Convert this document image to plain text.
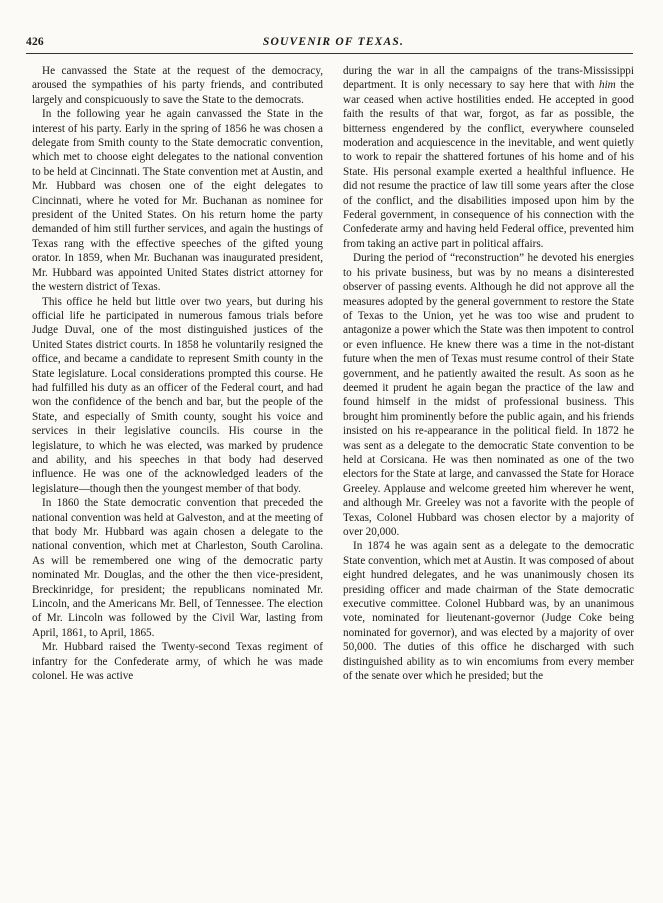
426	SOUVENIR OF TEXAS.

He canvassed the State at the request of the democracy, aroused the sympathies of his party friends, and contributed largely and conspicuously to save the State to the democrats.

In the following year he again canvassed the State in the interest of his party. Early in the spring of 1856 he was chosen a delegate from Smith county to the State democratic convention, which met to choose eight delegates to the national convention to be held at Cincinnati. The State convention met at Austin, and Mr. Hubbard was chosen one of the eight delegates to Cincinnati, where he voted for Mr. Buchanan as nominee for president of the United States. On his return home the party demanded of him still further services, and again the hustings of Texas rang with the effective speeches of the gifted young orator. In 1859, when Mr. Buchanan was inaugurated president, Mr. Hubbard was appointed United States district attorney for the western district of Texas.

This office he held but little over two years, but during his official life he participated in numerous famous trials before Judge Duval, one of the most distinguished justices of the United States district courts. In 1858 he voluntarily resigned the office, and became a candidate to represent Smith county in the State legislature. Local considerations prompted this course. He had fulfilled his duty as an officer of the Federal court, and had won the confidence of the bench and bar, but the people of the State, and especially of Smith county, sought his voice and services in their legislative councils. His course in the legislature, to which he was elected, was marked by prudence and ability, and his speeches in that body had deserved influence. He was one of the acknowledged leaders of the legislature—though then the youngest member of that body.

In 1860 the State democratic convention that preceded the national convention was held at Galveston, and at the meeting of that body Mr. Hubbard was again chosen a delegate to the national convention, which met at Charleston, South Carolina. As will be remembered one wing of the democratic party nominated Mr. Douglas, and the other the then vice-president, Breckinridge, for president; the republicans nominated Mr. Lincoln, and the Americans Mr. Bell, of Tennessee. The election of Mr. Lincoln was followed by the Civil War, lasting from April, 1861, to April, 1865.

Mr. Hubbard raised the Twenty-second Texas regiment of infantry for the Confederate army, of which he was made colonel. He was active

during the war in all the campaigns of the trans-Mississippi department. It is only necessary to say here that with him the war ceased when active hostilities ended. He accepted in good faith the results of that war, forgot, as far as possible, the bitterness engendered by the conflict, everywhere counseled moderation and acquiescence in the inevitable, and went quietly to work to repair the shattered fortunes of his home and of his State. His personal example exerted a healthful influence. He did not resume the practice of law till some years after the close of the conflict, and the disabilities imposed upon him by the Federal government, in consequence of his connection with the Confederate army and having held Federal office, prevented him from taking an active part in political affairs.

During the period of “reconstruction” he devoted his energies to his private business, but was by no means a disinterested observer of passing events. Although he did not approve all the measures adopted by the general government to restore the State of Texas to the Union, yet he was too wise and prudent to antagonize a power which the State was then impotent to control or even influence. He knew there was a time in the not-distant future when the men of Texas must resume control of their State government, and he patiently awaited the result. As soon as he deemed it prudent he again began the practice of the law and found himself in the midst of professional business. This brought him prominently before the public again, and his friends insisted on his re-appearance in the political field. In 1872 he was sent as a delegate to the democratic State convention to be held at Corsicana. He was then nominated as one of the two electors for the State at large, and canvassed the State for Horace Greeley. Applause and welcome greeted him wherever he went, and although Mr. Greeley was not a favorite with the people of Texas, Colonel Hubbard was chosen elector by a majority of over 20,000.

In 1874 he was again sent as a delegate to the democratic State convention, which met at Austin. It was composed of about eight hundred delegates, and he was unanimously chosen its presiding officer and made chairman of the State democratic executive committee. Colonel Hubbard was, by an unanimous vote, nominated for lieutenant-governor (Judge Coke being nominated for governor), and was elected by a majority of over 50,000. The duties of this office he discharged with such distinguished ability as to win encomiums from every member of the senate over which he presided; but the
